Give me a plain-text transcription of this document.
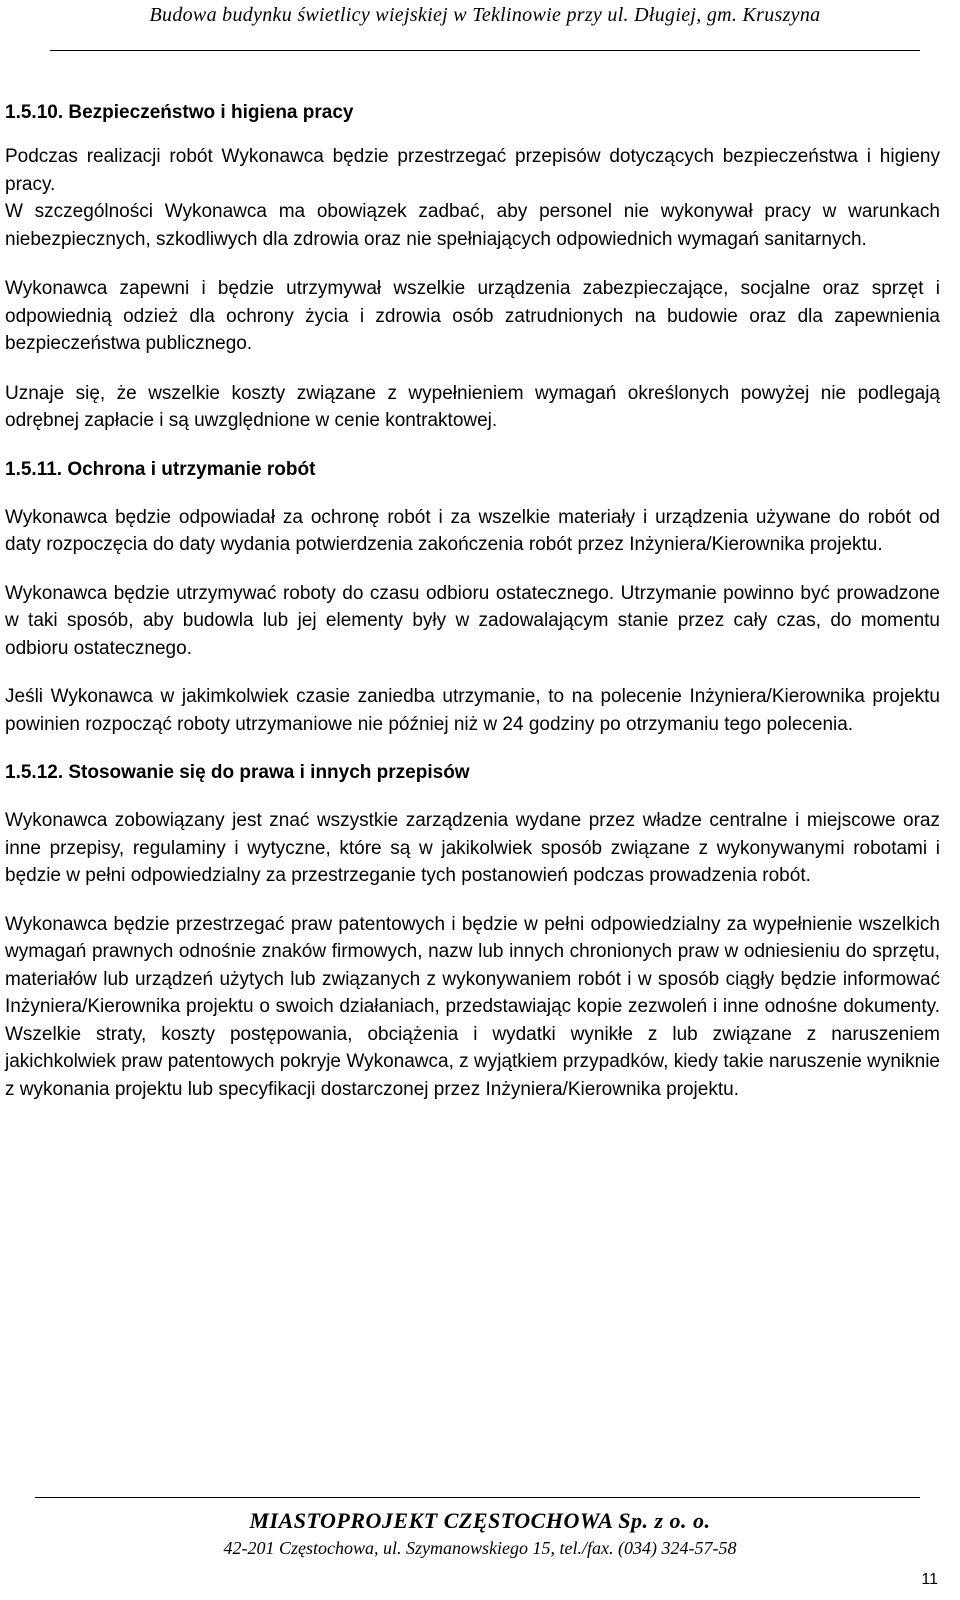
Budowa budynku świetlicy wiejskiej w Teklinowie przy ul. Długiej, gm. Kruszyna

1.5.10. Bezpieczeństwo i higiena pracy

Podczas realizacji robót Wykonawca będzie przestrzegać przepisów dotyczących bezpieczeństwa i higieny pracy.

W szczególności Wykonawca ma obowiązek zadbać, aby personel nie wykonywał pracy w warunkach niebezpiecznych, szkodliwych dla zdrowia oraz nie spełniających odpowiednich wymagań sanitarnych.

Wykonawca zapewni i będzie utrzymywał wszelkie urządzenia zabezpieczające, socjalne oraz sprzęt i odpowiednią odzież dla ochrony życia i zdrowia osób zatrudnionych na budowie oraz dla zapewnienia bezpieczeństwa publicznego.

Uznaje się, że wszelkie koszty związane z wypełnieniem wymagań określonych powyżej nie podlegają odrębnej zapłacie i są uwzględnione w cenie kontraktowej.

1.5.11. Ochrona i utrzymanie robót

Wykonawca będzie odpowiadał za ochronę robót i za wszelkie materiały i urządzenia używane do robót od daty rozpoczęcia do daty wydania potwierdzenia zakończenia robót przez Inżyniera/Kierownika projektu.

Wykonawca będzie utrzymywać roboty do czasu odbioru ostatecznego. Utrzymanie powinno być prowadzone w taki sposób, aby budowla lub jej elementy były w zadowalającym stanie przez cały czas, do momentu odbioru ostatecznego.

Jeśli Wykonawca w jakimkolwiek czasie zaniedba utrzymanie, to na polecenie Inżyniera/Kierownika projektu powinien rozpocząć roboty utrzymaniowe nie później niż w 24 godziny po otrzymaniu tego polecenia.

1.5.12. Stosowanie się do prawa i innych przepisów

Wykonawca zobowiązany jest znać wszystkie zarządzenia wydane przez władze centralne i miejscowe oraz inne przepisy, regulaminy i wytyczne, które są w jakikolwiek sposób związane z wykonywanymi robotami i będzie w pełni odpowiedzialny za przestrzeganie tych postanowień podczas prowadzenia robót.

Wykonawca będzie przestrzegać praw patentowych i będzie w pełni odpowiedzialny za wypełnienie wszelkich wymagań prawnych odnośnie znaków firmowych, nazw lub innych chronionych praw w odniesieniu do sprzętu, materiałów lub urządzeń użytych lub związanych z wykonywaniem robót i w sposób ciągły będzie informować Inżyniera/Kierownika projektu o swoich działaniach, przedstawiając kopie zezwoleń i inne odnośne dokumenty. Wszelkie straty, koszty postępowania, obciążenia i wydatki wynikłe z lub związane z naruszeniem jakichkolwiek praw patentowych pokryje Wykonawca, z wyjątkiem przypadków, kiedy takie naruszenie wyniknie z wykonania projektu lub specyfikacji dostarczonej przez Inżyniera/Kierownika projektu.

MIASTOPROJEKT CZĘSTOCHOWA Sp. z o. o.
42-201 Częstochowa, ul. Szymanowskiego 15, tel./fax. (034) 324-57-58
11
